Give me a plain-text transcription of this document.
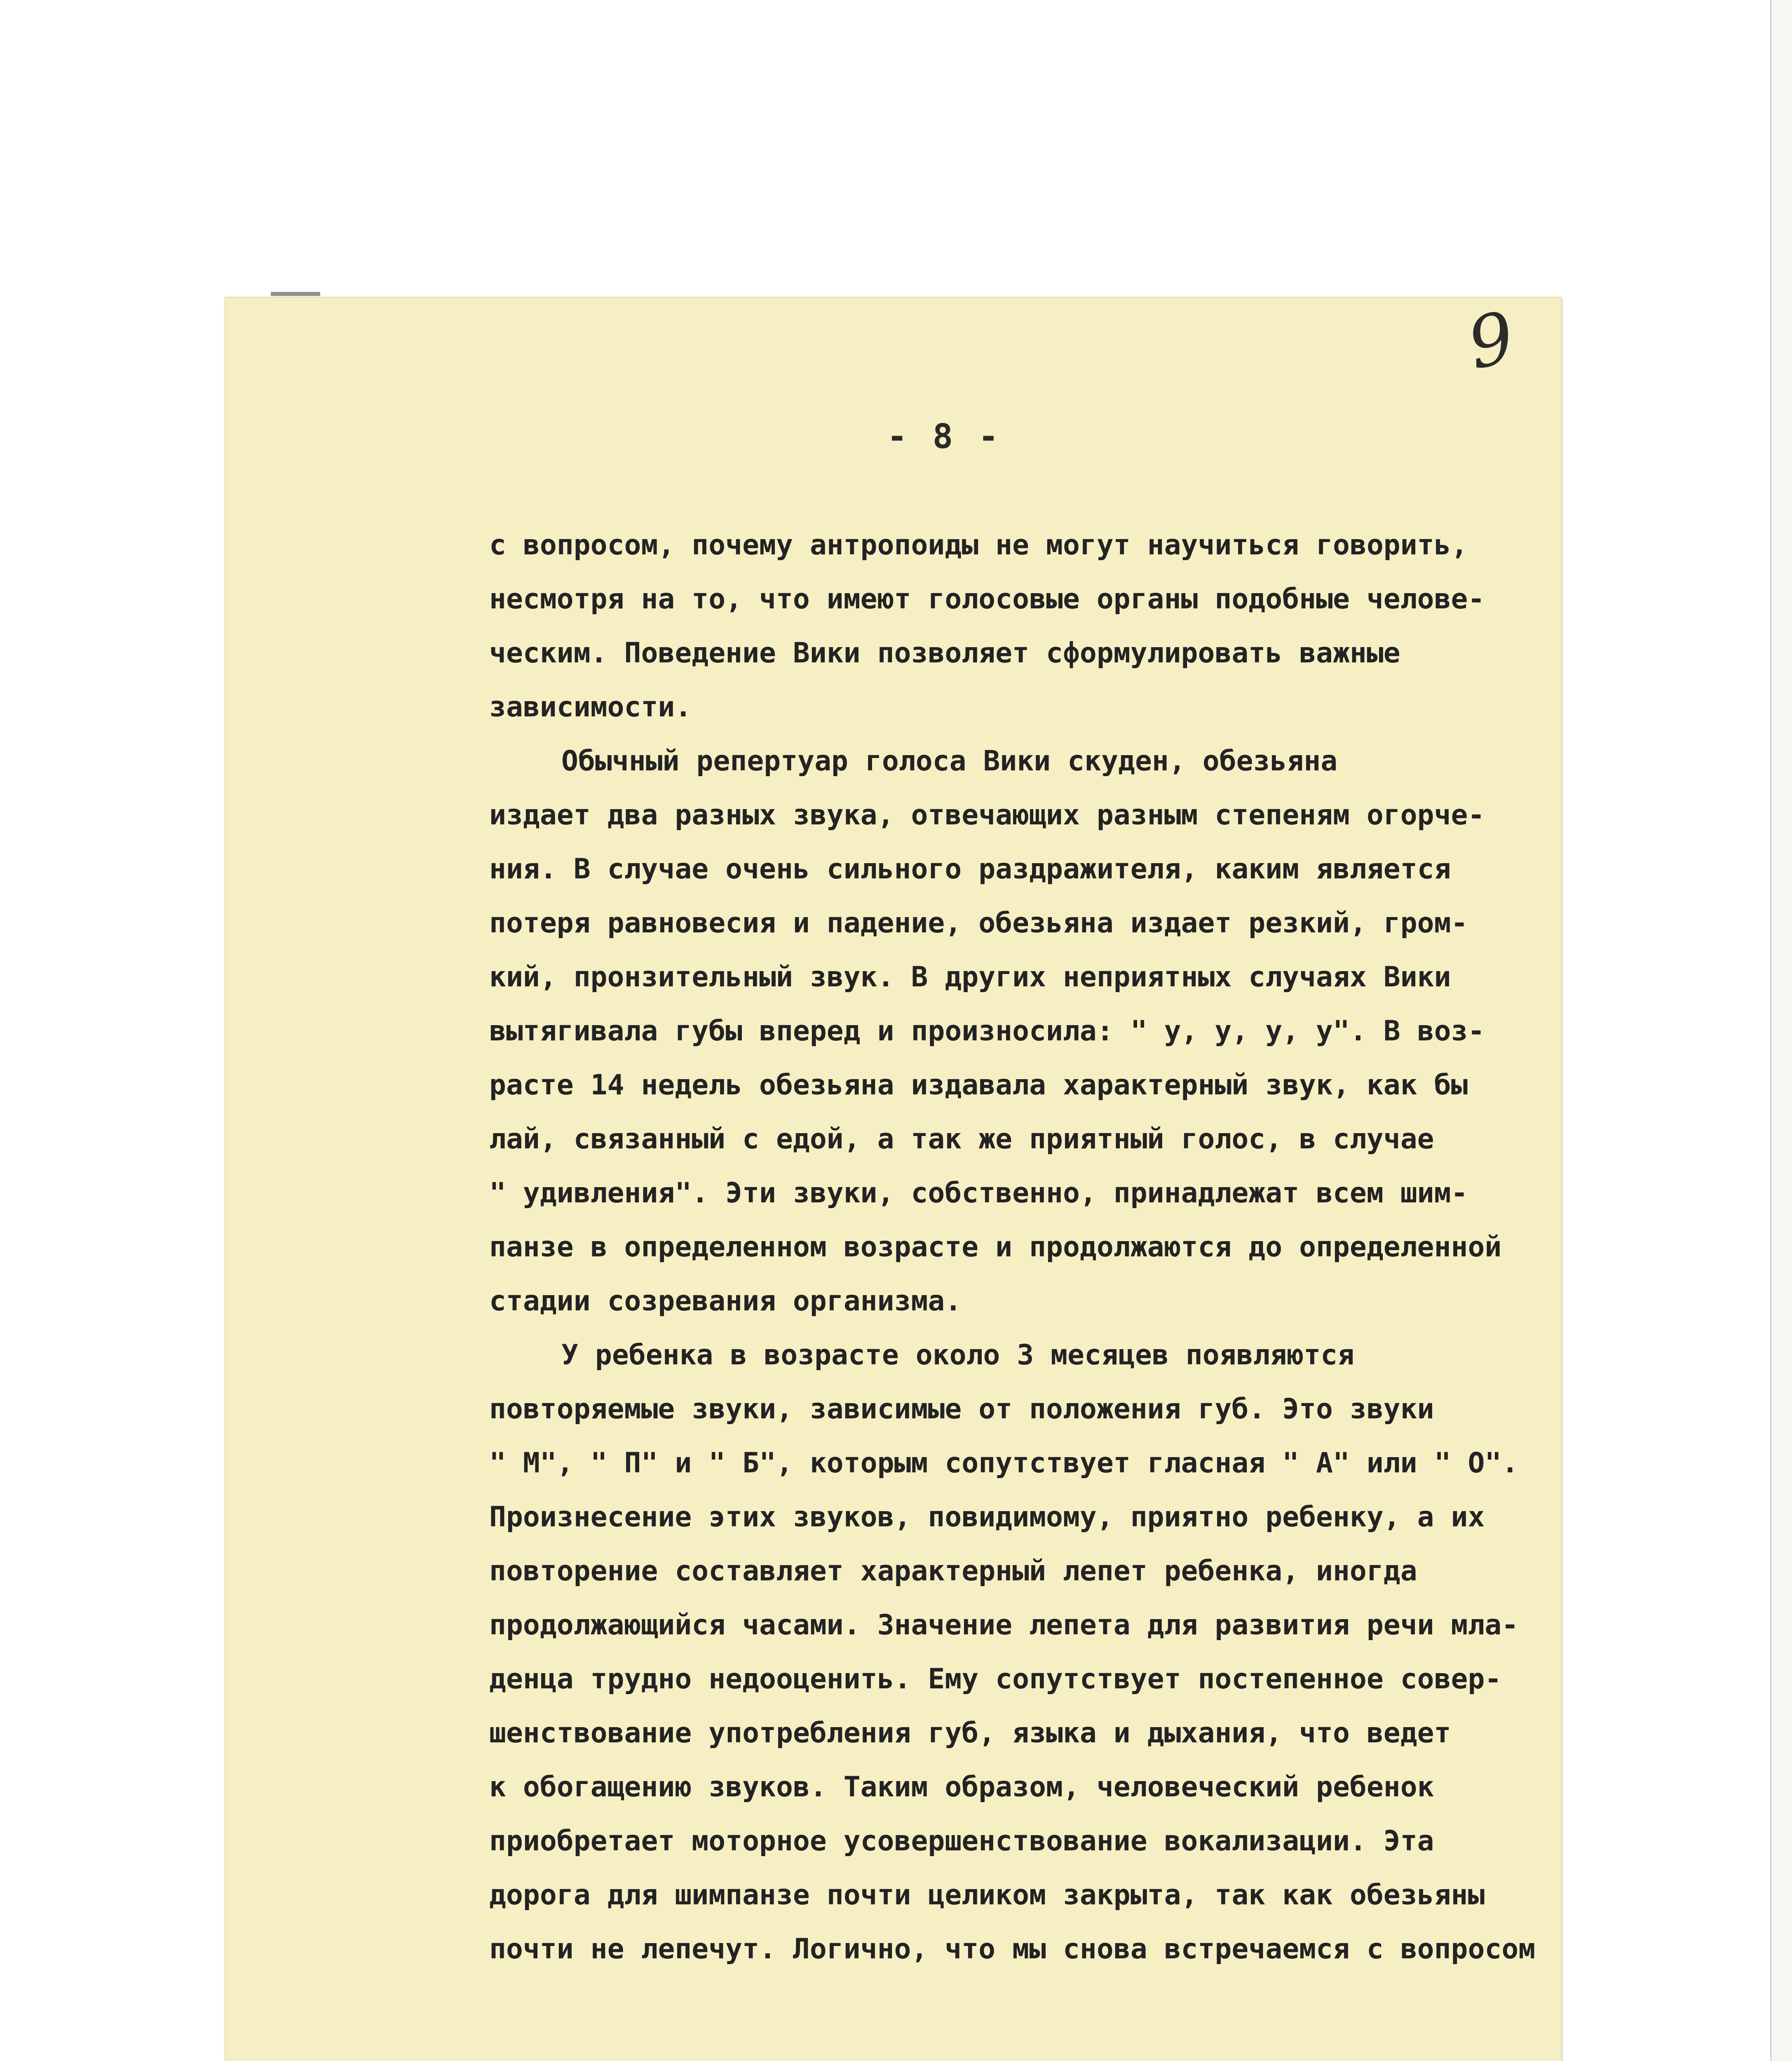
9
- 8 -
с вопросом, почему антропоиды не могут научиться говорить,
несмотря на то, что имеют голосовые органы подобные челове-
ческим. Поведение Вики позволяет сформулировать важные
зависимости.
Обычный репертуар голоса Вики скуден, обезьяна
издает два разных звука, отвечающих разным степеням огорче-
ния. В случае очень сильного раздражителя, каким является
потеря равновесия и падение, обезьяна издает резкий, гром-
кий, пронзительный звук. В других неприятных случаях Вики
вытягивала губы вперед и произносила: " у, у, у, у". В воз-
расте 14 недель обезьяна издавала характерный звук, как бы
лай, связанный с едой, а так же приятный голос, в случае
" удивления". Эти звуки, собственно, принадлежат всем шим-
панзе в определенном возрасте и продолжаются до определенной
стадии созревания организма.
У ребенка в возрасте около 3 месяцев появляются
повторяемые звуки, зависимые от положения губ. Это звуки
" М", " П" и " Б", которым сопутствует гласная " А" или " О".
Произнесение этих звуков, повидимому, приятно ребенку, а их
повторение составляет характерный лепет ребенка, иногда
продолжающийся часами. Значение лепета для развития речи мла-
денца трудно недооценить. Ему сопутствует постепенное совер-
шенствование употребления губ, языка и дыхания, что ведет
к обогащению звуков. Таким образом, человеческий ребенок
приобретает моторное усовершенствование вокализации. Эта
дорога для шимпанзе почти целиком закрыта, так как обезьяны
почти не лепечут. Логично, что мы снова встречаемся с вопросом
